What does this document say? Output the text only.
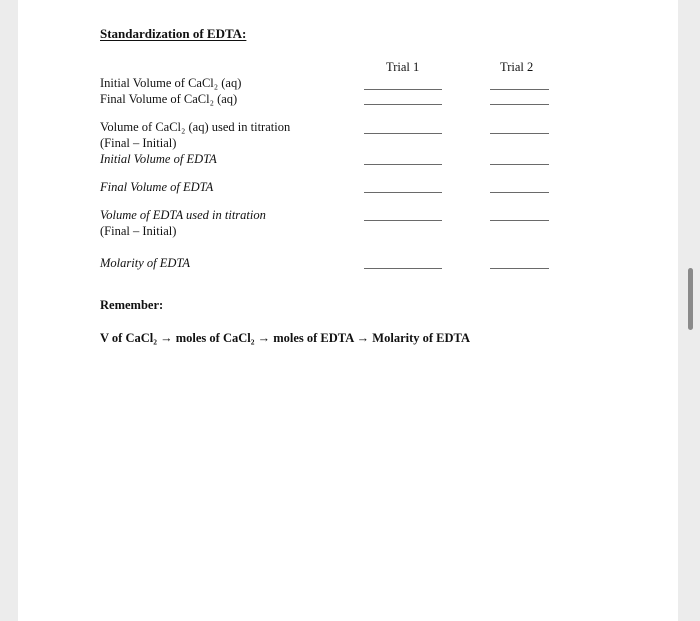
Standardization of EDTA:
Trial 1	Trial 2
Initial Volume of CaCl₂ (aq)
Final Volume of CaCl₂ (aq)
Volume of CaCl₂ (aq) used in titration
(Final – Initial)
Initial Volume of EDTA
Final Volume of EDTA
Volume of EDTA used in titration
(Final – Initial)
Molarity of EDTA
Remember:
V of CaCl₂ → moles of CaCl₂ → moles of EDTA → Molarity of EDTA
